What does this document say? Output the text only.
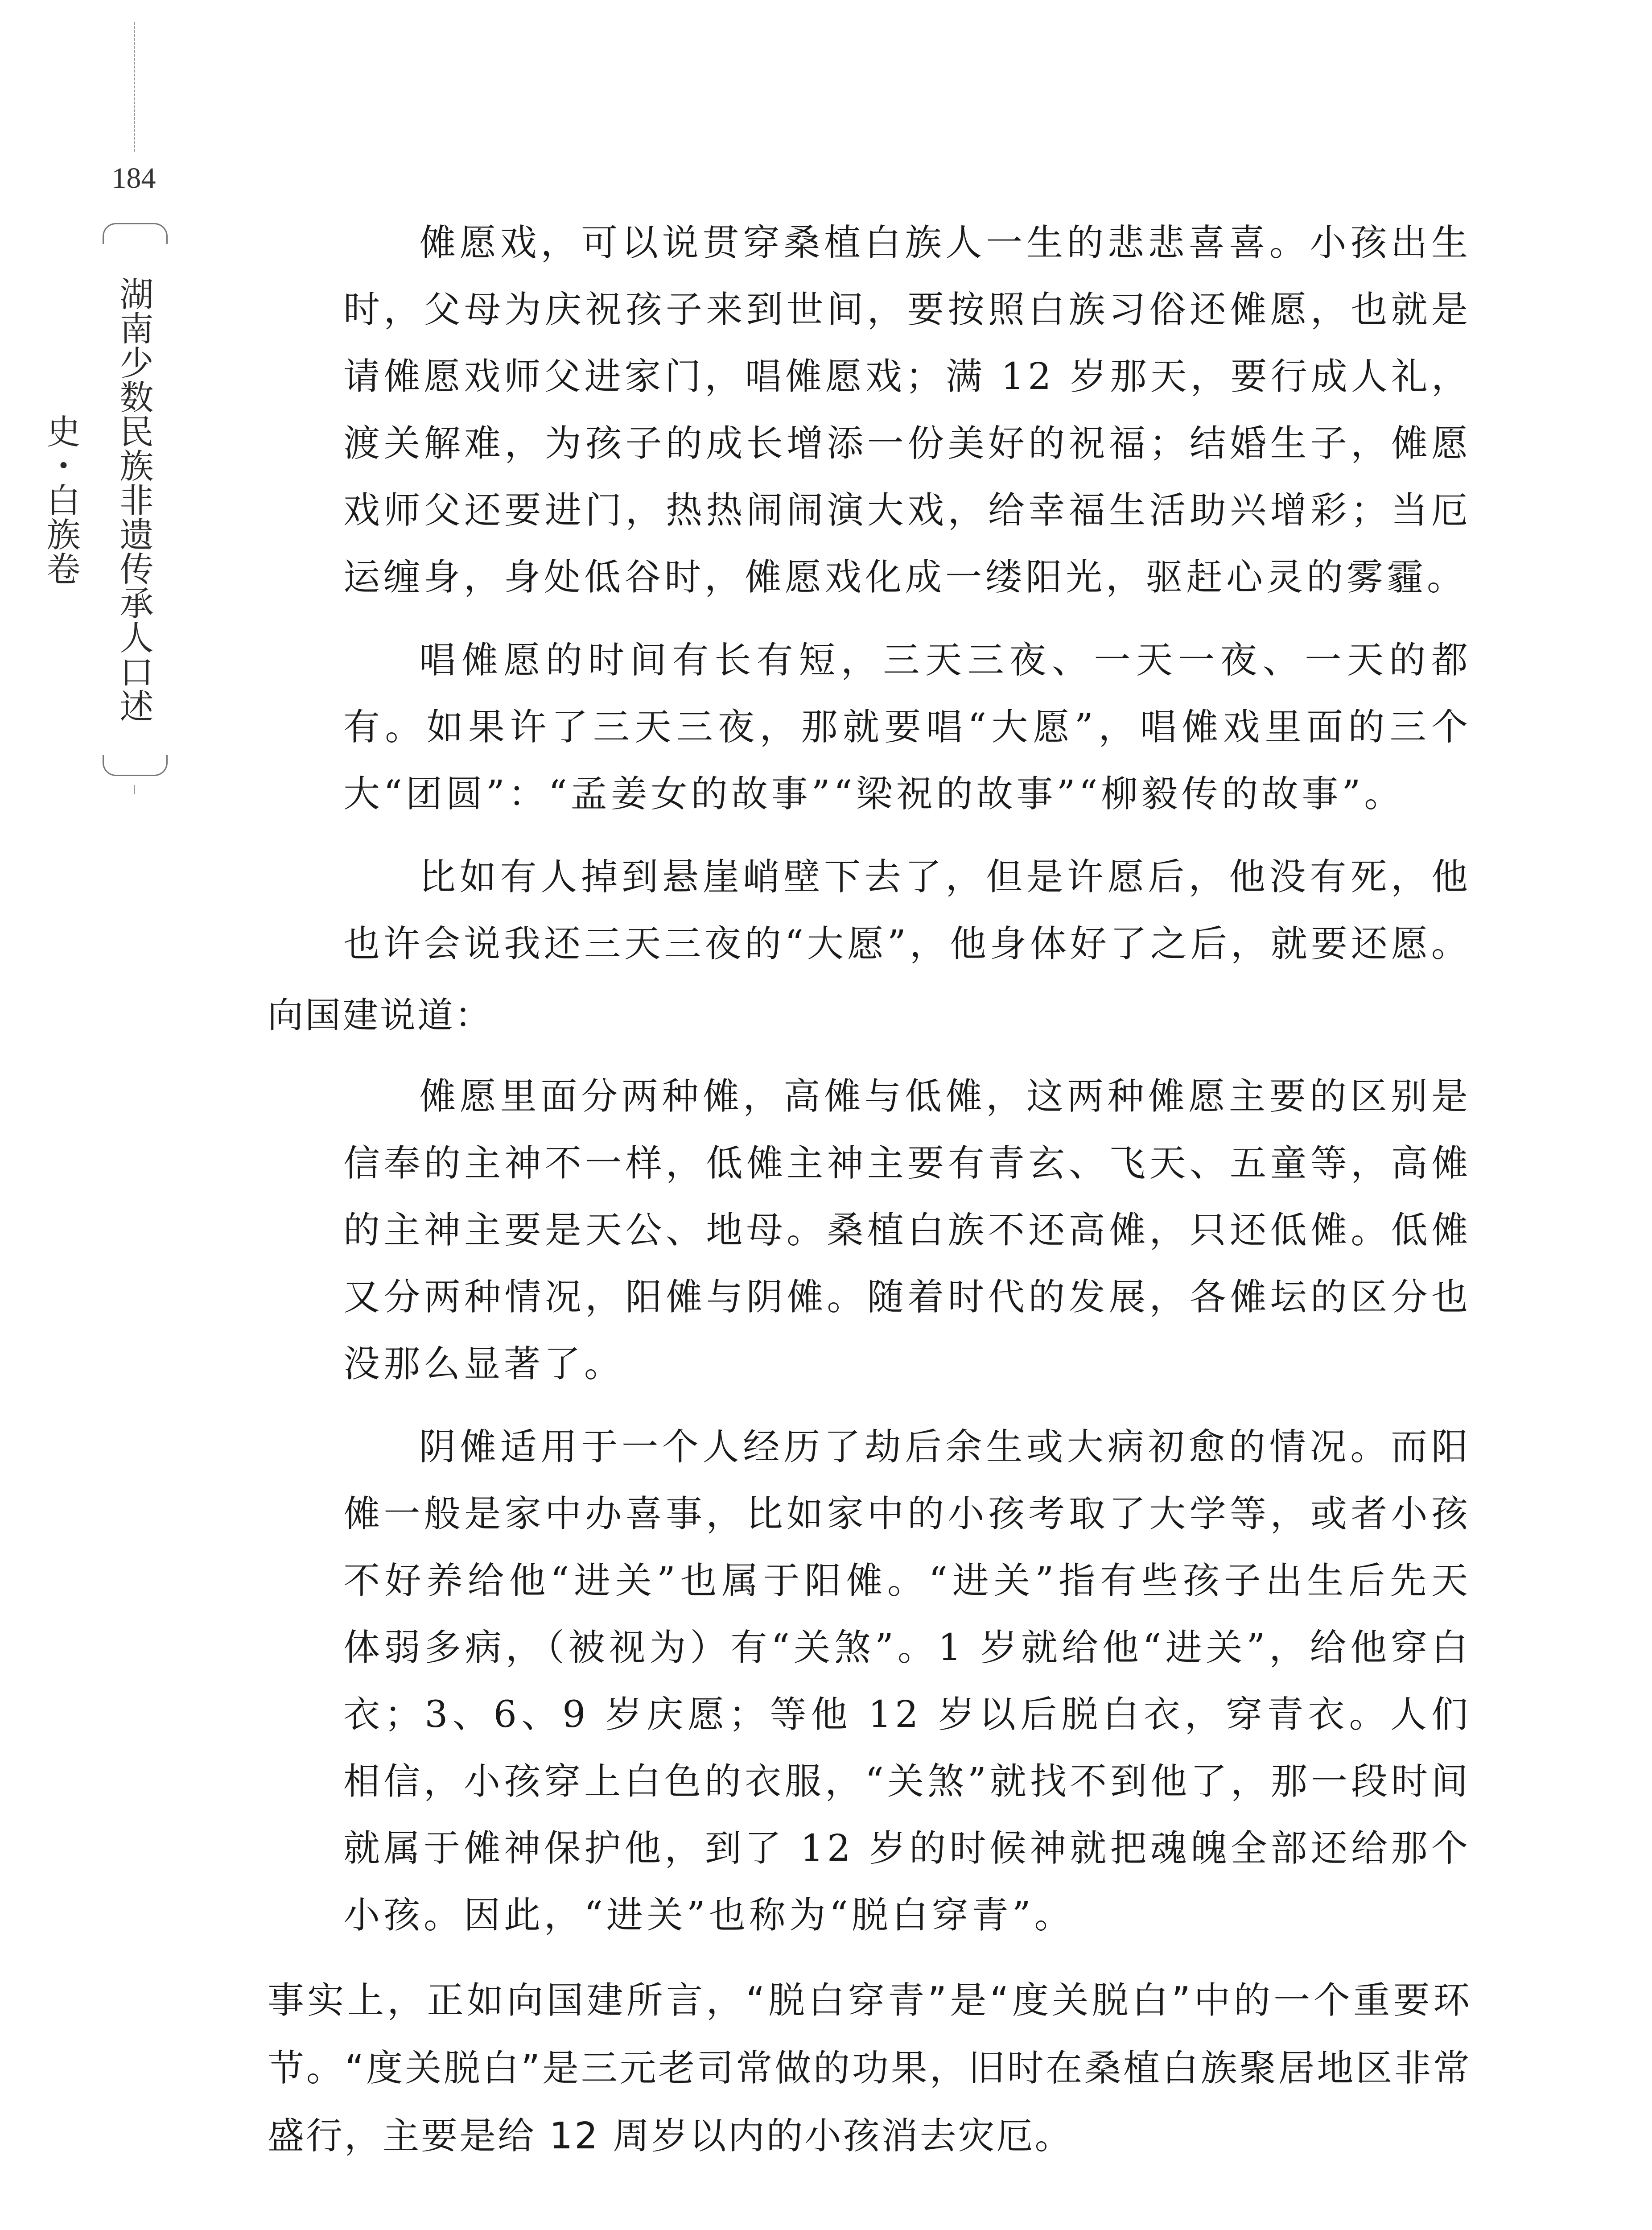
184
湖南少数民族非遗传承人口述史・白族卷

傩愿戏，可以说贯穿桑植白族人一生的悲悲喜喜。小孩出生时，父母为庆祝孩子来到世间，要按照白族习俗还傩愿，也就是请傩愿戏师父进家门，唱傩愿戏；满 12 岁那天，要行成人礼，渡关解难，为孩子的成长增添一份美好的祝福；结婚生子，傩愿戏师父还要进门，热热闹闹演大戏，给幸福生活助兴增彩；当厄运缠身，身处低谷时，傩愿戏化成一缕阳光，驱赶心灵的雾霾。

唱傩愿的时间有长有短，三天三夜、一天一夜、一天的都有。如果许了三天三夜，那就要唱“大愿”，唱傩戏里面的三个大“团圆”：“孟姜女的故事”“梁祝的故事”“柳毅传的故事”。

比如有人掉到悬崖峭壁下去了，但是许愿后，他没有死，他也许会说我还三天三夜的“大愿”，他身体好了之后，就要还愿。

向国建说道：

傩愿里面分两种傩，高傩与低傩，这两种傩愿主要的区别是信奉的主神不一样，低傩主神主要有青玄、飞天、五童等，高傩的主神主要是天公、地母。桑植白族不还高傩，只还低傩。低傩又分两种情况，阳傩与阴傩。随着时代的发展，各傩坛的区分也没那么显著了。

阴傩适用于一个人经历了劫后余生或大病初愈的情况。而阳傩一般是家中办喜事，比如家中的小孩考取了大学等，或者小孩不好养给他“进关”也属于阳傩。“进关”指有些孩子出生后先天体弱多病，（被视为）有“关煞”。1 岁就给他“进关”，给他穿白衣；3、6、9 岁庆愿；等他 12 岁以后脱白衣，穿青衣。人们相信，小孩穿上白色的衣服，“关煞”就找不到他了，那一段时间就属于傩神保护他，到了 12 岁的时候神就把魂魄全部还给那个小孩。因此，“进关”也称为“脱白穿青”。

事实上，正如向国建所言，“脱白穿青”是“度关脱白”中的一个重要环节。“度关脱白”是三元老司常做的功果，旧时在桑植白族聚居地区非常盛行，主要是给 12 周岁以内的小孩消去灾厄。
